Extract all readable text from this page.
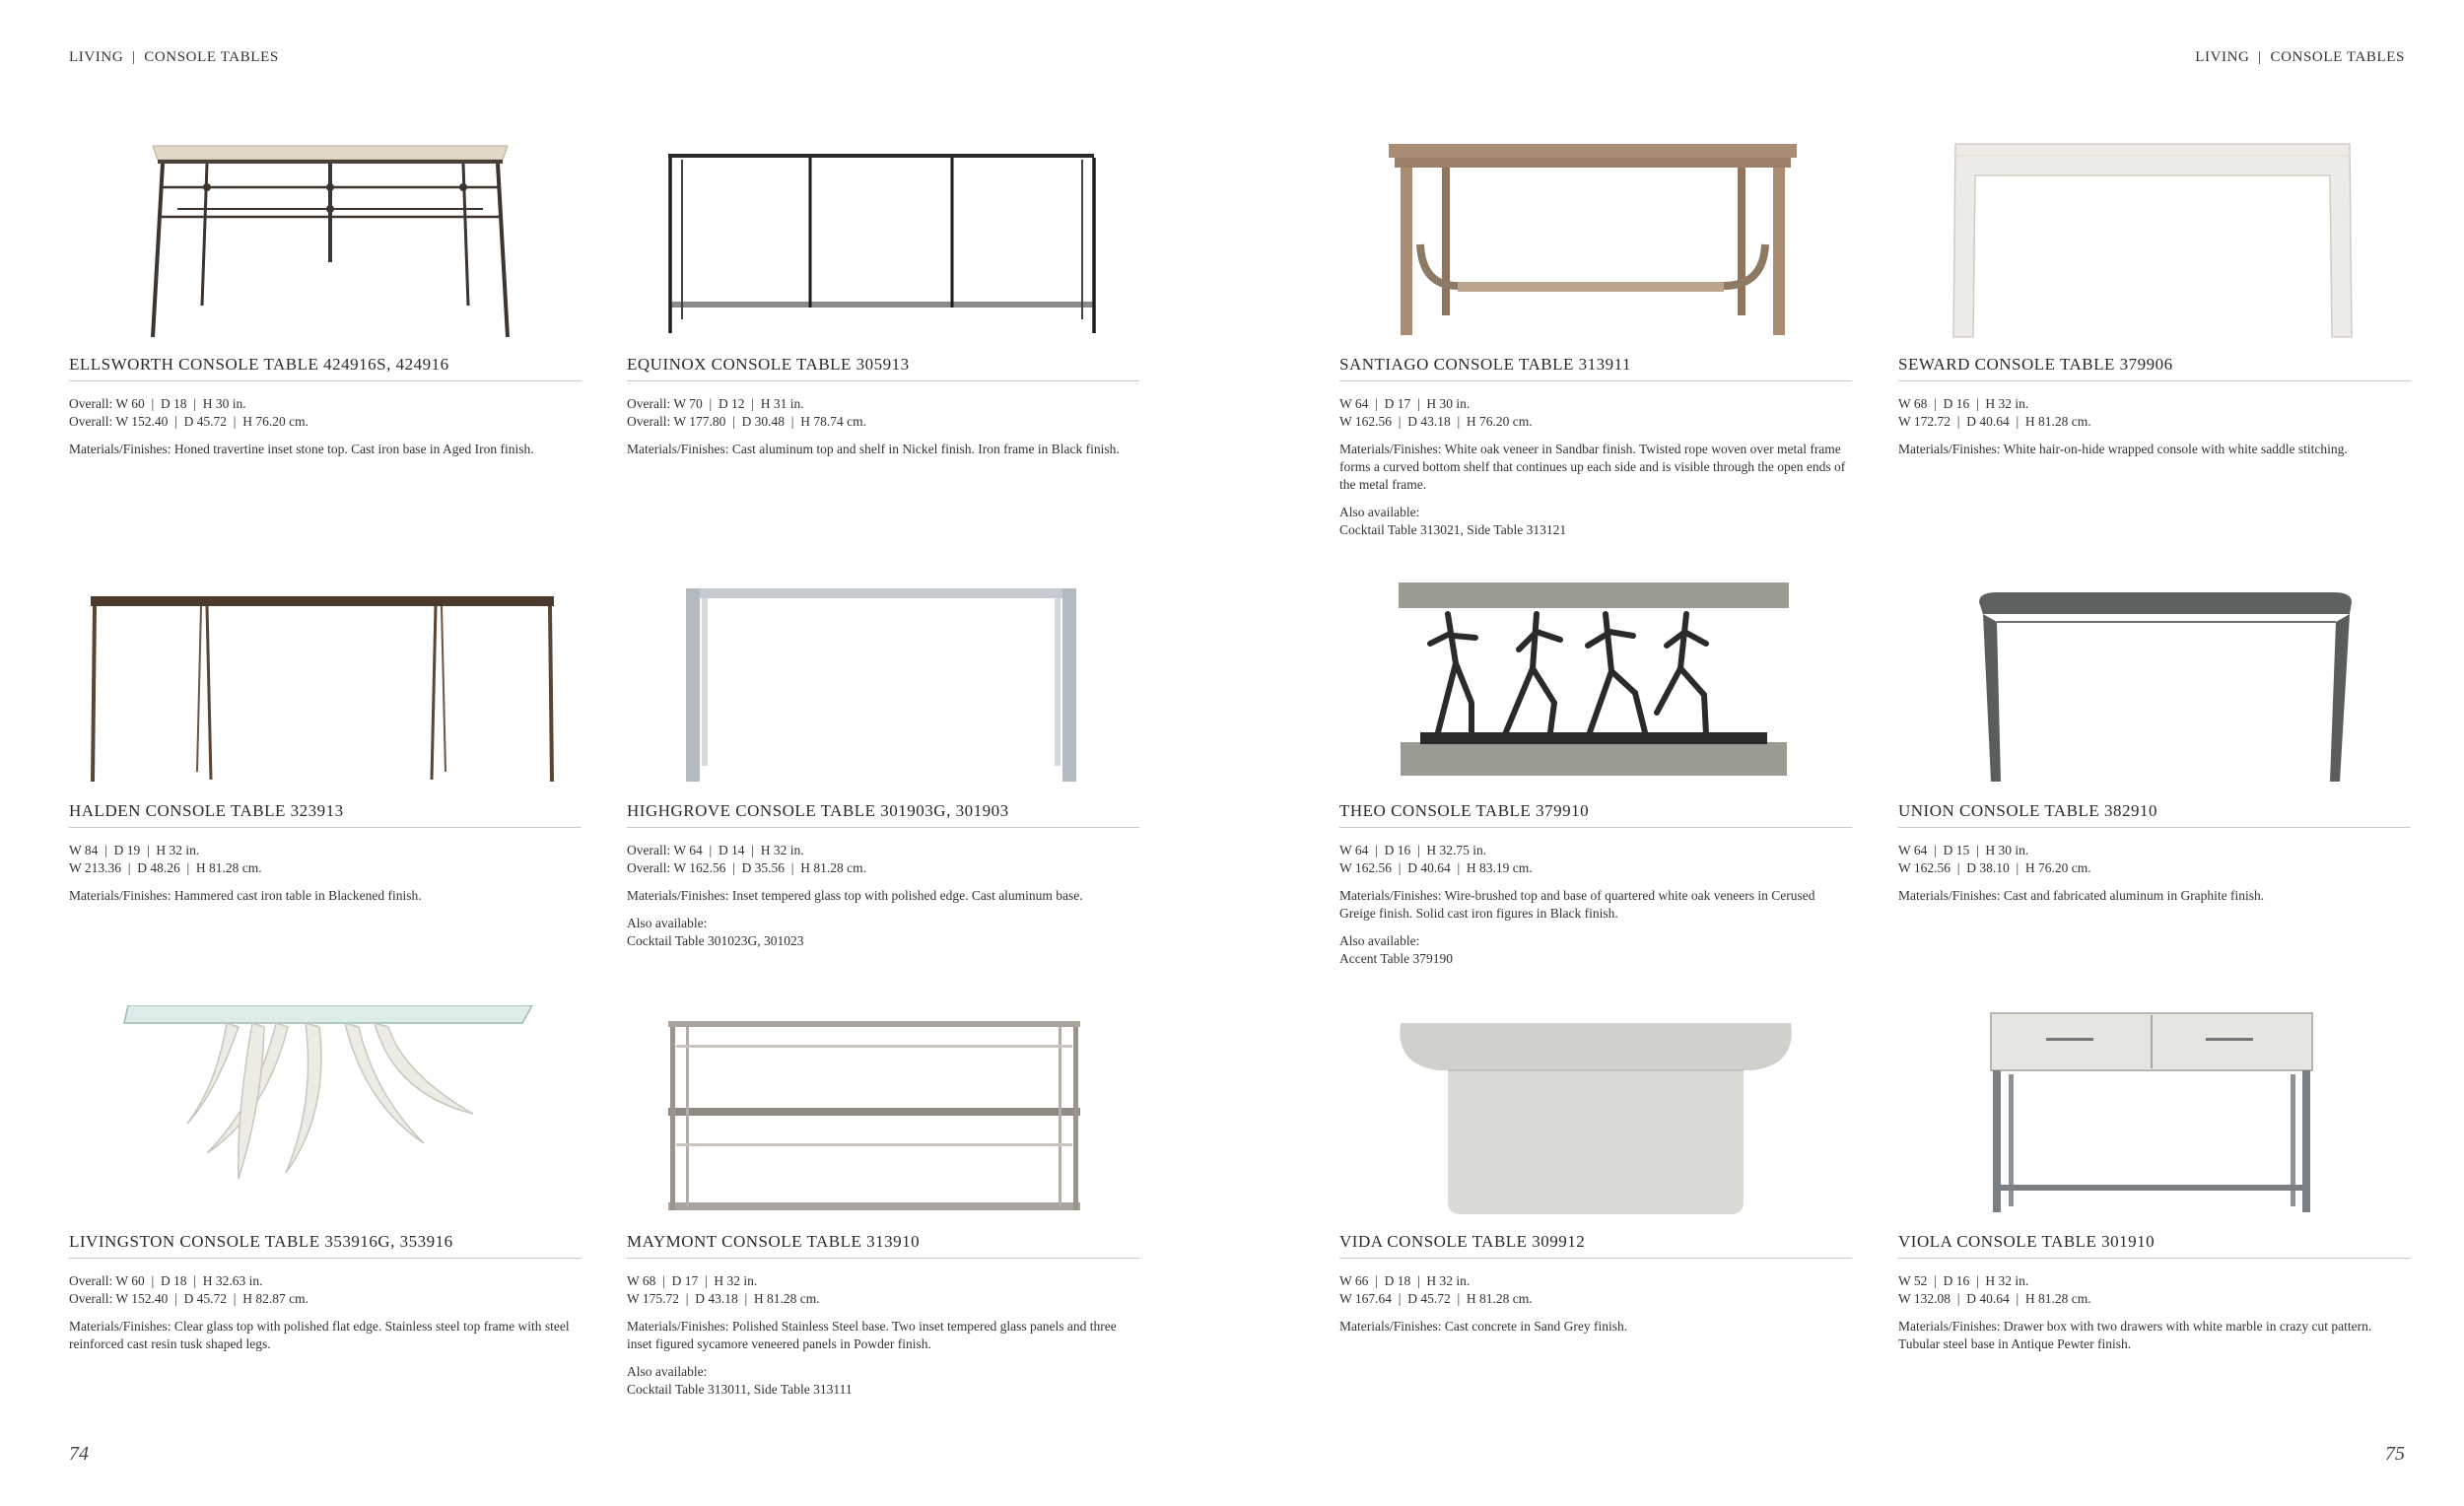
LIVING  |  CONSOLE TABLES	LIVING  |  CONSOLE TABLES
ELLSWORTH CONSOLE TABLE 424916S, 424916

Overall: W 60  |  D 18  |  H 30 in.

Overall: W 152.40  |  D 45.72  |  H 76.20 cm.

Materials/Finishes: Honed travertine inset stone top. Cast iron base in Aged Iron finish.

EQUINOX CONSOLE TABLE 305913

Overall: W 70  |  D 12  |  H 31 in.

Overall: W 177.80  |  D 30.48  |  H 78.74 cm.

Materials/Finishes: Cast aluminum top and shelf in Nickel finish. Iron frame in Black finish.

SANTIAGO CONSOLE TABLE 313911

W 64  |  D 17  |  H 30 in.

W 162.56  |  D 43.18  |  H 76.20 cm.

Materials/Finishes: White oak veneer in Sandbar finish. Twisted rope woven over metal frame forms a curved bottom shelf that continues up each side and is visible through the open ends of the metal frame.

Also available:

Cocktail Table 313021, Side Table 313121

SEWARD CONSOLE TABLE 379906

W 68  |  D 16  |  H 32 in.

W 172.72  |  D 40.64  |  H 81.28 cm.

Materials/Finishes: White hair-on-hide wrapped console with white saddle stitching.

HALDEN CONSOLE TABLE 323913

W 84  |  D 19  |  H 32 in.

W 213.36  |  D 48.26  |  H 81.28 cm.

Materials/Finishes: Hammered cast iron table in Blackened finish.

HIGHGROVE CONSOLE TABLE 301903G, 301903

Overall: W 64  |  D 14  |  H 32 in.

Overall: W 162.56  |  D 35.56  |  H 81.28 cm.

Materials/Finishes: Inset tempered glass top with polished edge. Cast aluminum base.

Also available:

Cocktail Table 301023G, 301023

THEO CONSOLE TABLE 379910

W 64  |  D 16  |  H 32.75 in.

W 162.56  |  D 40.64  |  H 83.19 cm.

Materials/Finishes: Wire-brushed top and base of quartered white oak veneers in Cerused Greige finish. Solid cast iron figures in Black finish.

Also available:

Accent Table 379190

UNION CONSOLE TABLE 382910

W 64  |  D 15  |  H 30 in.

W 162.56  |  D 38.10  |  H 76.20 cm.

Materials/Finishes: Cast and fabricated aluminum in Graphite finish.

LIVINGSTON CONSOLE TABLE 353916G, 353916

Overall: W 60  |  D 18  |  H 32.63 in.

Overall: W 152.40  |  D 45.72  |  H 82.87 cm.

Materials/Finishes: Clear glass top with polished flat edge. Stainless steel top frame with steel reinforced cast resin tusk shaped legs.

MAYMONT CONSOLE TABLE 313910

W 68  |  D 17  |  H 32 in.

W 175.72  |  D 43.18  |  H 81.28 cm.

Materials/Finishes: Polished Stainless Steel base. Two inset tempered glass panels and three inset figured sycamore veneered panels in Powder finish.

Also available:

Cocktail Table 313011, Side Table 313111

VIDA CONSOLE TABLE 309912

W 66  |  D 18  |  H 32 in.

W 167.64  |  D 45.72  |  H 81.28 cm.

Materials/Finishes: Cast concrete in Sand Grey finish.

VIOLA CONSOLE TABLE 301910

W 52  |  D 16  |  H 32 in.

W 132.08  |  D 40.64  |  H 81.28 cm.

Materials/Finishes: Drawer box with two drawers with white marble in crazy cut pattern. Tubular steel base in Antique Pewter finish.

74	75
